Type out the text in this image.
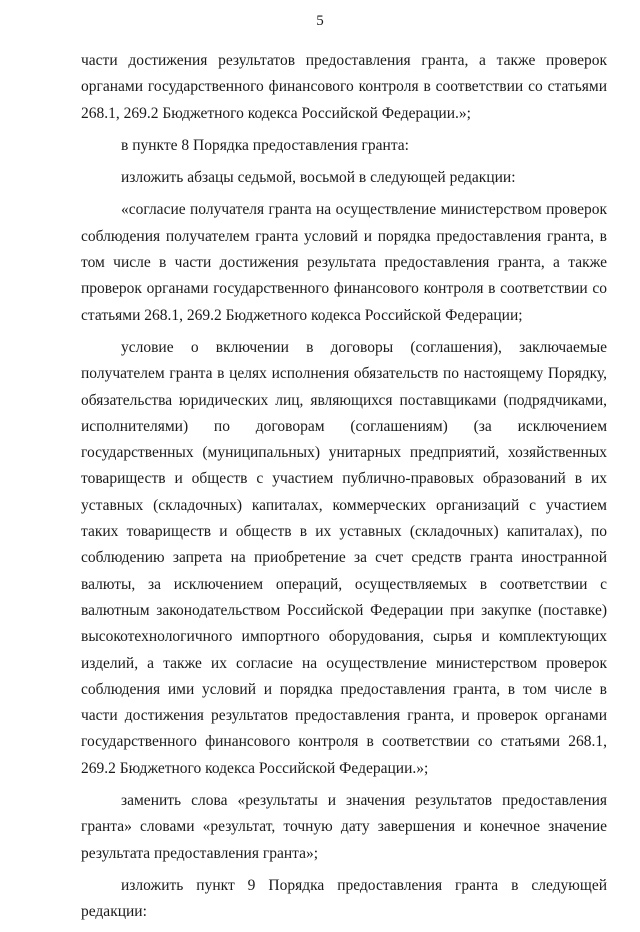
5

части достижения результатов предоставления гранта, а также проверок органами государственного финансового контроля в соответствии со статьями 268.1, 269.2 Бюджетного кодекса Российской Федерации.»;

в пункте 8 Порядка предоставления гранта:

изложить абзацы седьмой, восьмой в следующей редакции:

«согласие получателя гранта на осуществление министерством проверок соблюдения получателем гранта условий и порядка предоставления гранта, в том числе в части достижения результата предоставления гранта, а также проверок органами государственного финансового контроля в соответствии со статьями 268.1, 269.2 Бюджетного кодекса Российской Федерации;

условие о включении в договоры (соглашения), заключаемые получателем гранта в целях исполнения обязательств по настоящему Порядку, обязательства юридических лиц, являющихся поставщиками (подрядчиками, исполнителями) по договорам (соглашениям) (за исключением государственных (муниципальных) унитарных предприятий, хозяйственных товариществ и обществ с участием публично-правовых образований в их уставных (складочных) капиталах, коммерческих организаций с участием таких товариществ и обществ в их уставных (складочных) капиталах), по соблюдению запрета на приобретение за счет средств гранта иностранной валюты, за исключением операций, осуществляемых в соответствии с валютным законодательством Российской Федерации при закупке (поставке) высокотехнологичного импортного оборудования, сырья и комплектующих изделий, а также их согласие на осуществление министерством проверок соблюдения ими условий и порядка предоставления гранта, в том числе в части достижения результатов предоставления гранта, и проверок органами государственного финансового контроля в соответствии со статьями 268.1, 269.2 Бюджетного кодекса Российской Федерации.»;

заменить слова «результаты и значения результатов предоставления гранта» словами «результат, точную дату завершения и конечное значение результата предоставления гранта»;

изложить пункт 9 Порядка предоставления гранта в следующей редакции:
